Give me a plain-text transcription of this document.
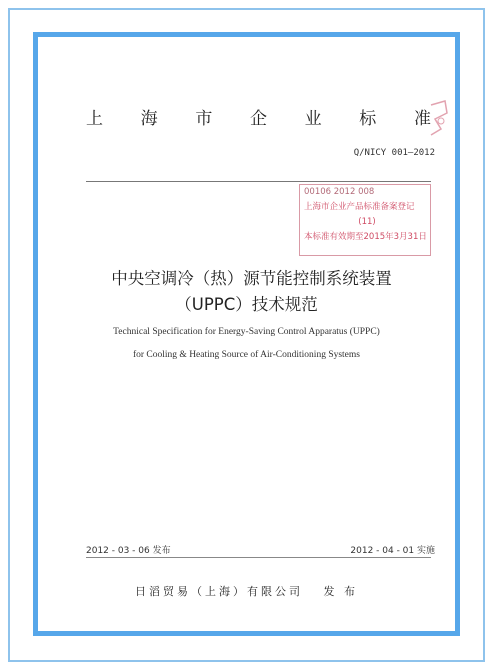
上 海 市 企 业 标 准
Q/NICY 001—2012
00106 2012 008
上海市企业产品标准备案登记
(11)
本标准有效期至2015年3月31日
中央空调冷（热）源节能控制系统装置
（UPPC）技术规范
Technical Specification for Energy-Saving Control Apparatus (UPPC)
for Cooling & Heating Source of Air-Conditioning Systems
2012 - 03 - 06 发布	2012 - 04 - 01 实施
日滔贸易（上海）有限公司　 发 布
